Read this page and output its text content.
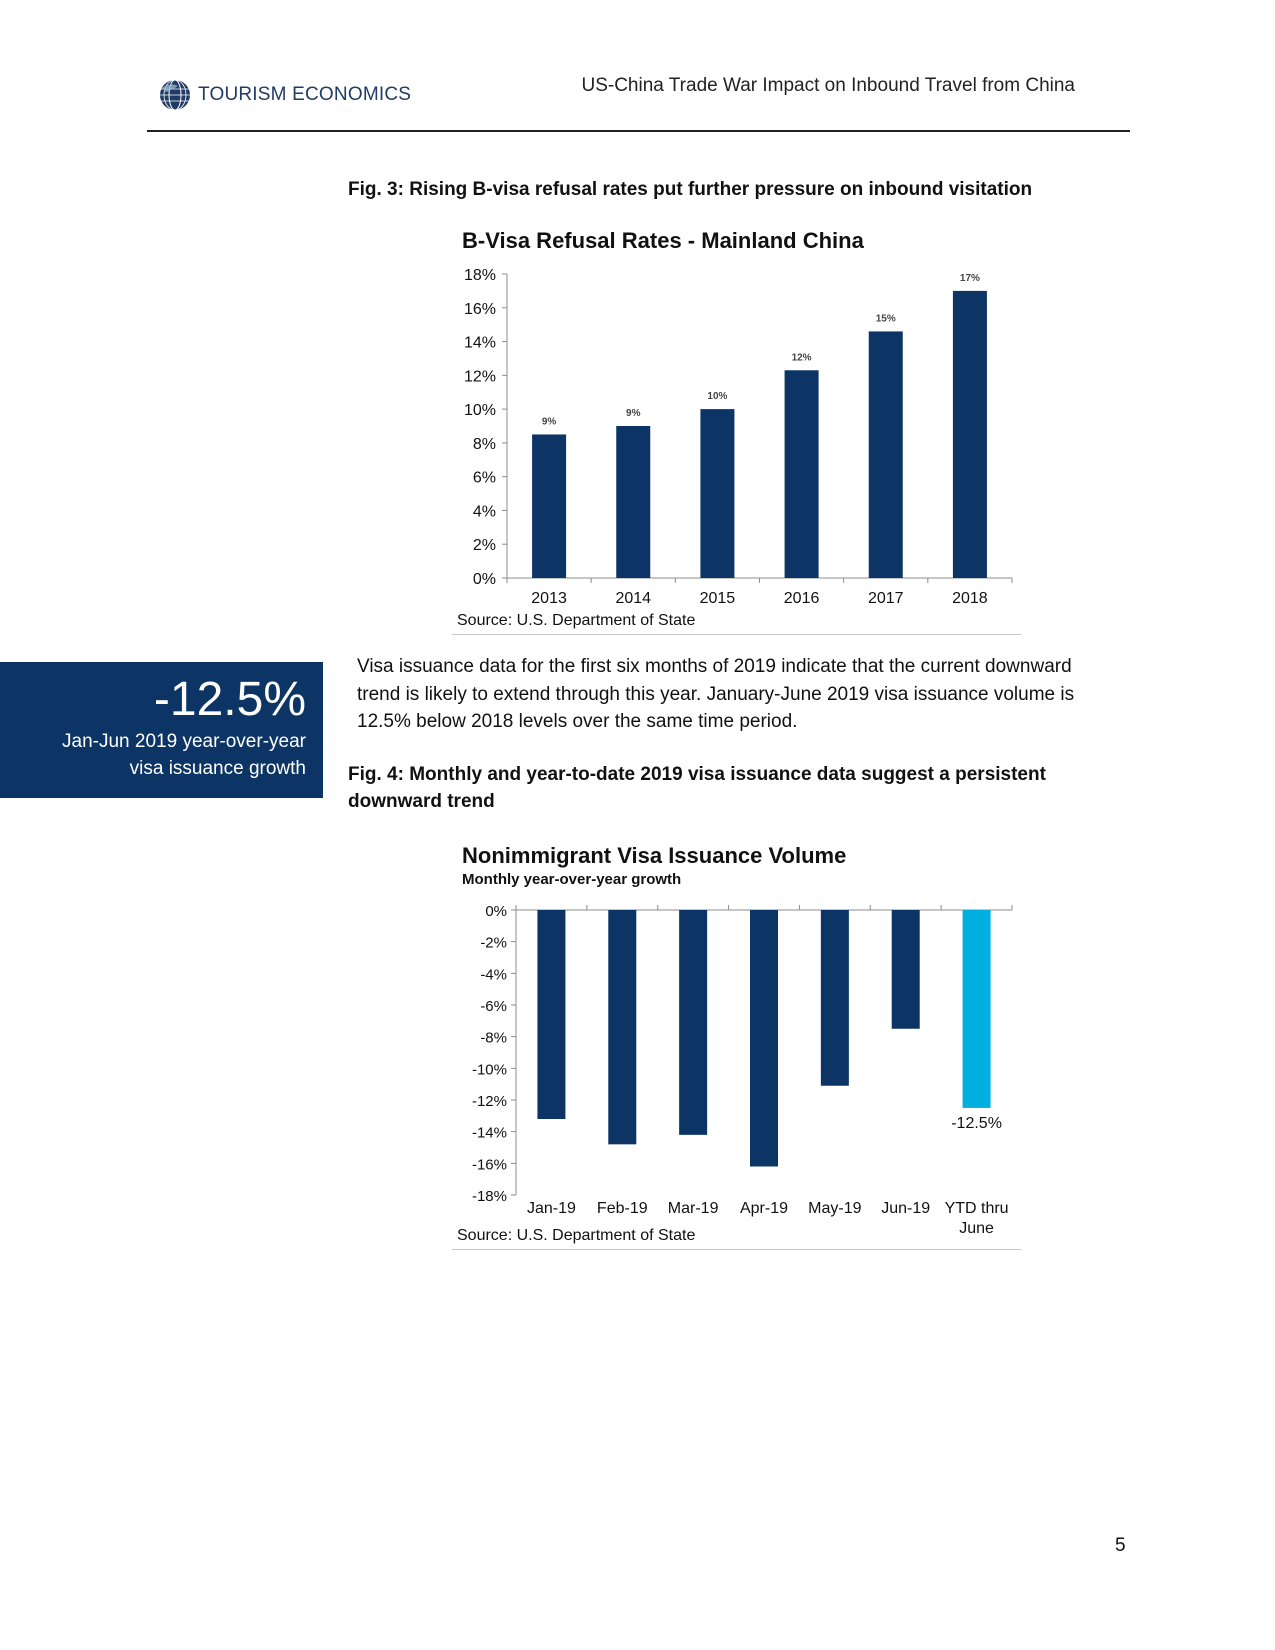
TOURISM ECONOMICS	US-China Trade War Impact on Inbound Travel from China
Fig. 3: Rising B-visa refusal rates put further pressure on inbound visitation
B-Visa Refusal Rates - Mainland China
0%
2%
4%
6%
8%
10%
12%
14%
16%
18%
9%
2013
9%
2014
10%
2015
12%
2016
15%
2017
17%
2018
Source: U.S. Department of State
-12.5%
Jan-Jun 2019 year-over-year
visa issuance growth
Visa issuance data for the first six months of 2019 indicate that the current downward trend is likely to extend through this year. January-June 2019 visa issuance volume is 12.5% below 2018 levels over the same time period.
Fig. 4: Monthly and year-to-date 2019 visa issuance data suggest a persistent downward trend
Nonimmigrant Visa Issuance Volume
Monthly year-over-year growth
0%
-2%
-4%
-6%
-8%
-10%
-12%
-14%
-16%
-18%
Jan-19 Feb-19 Mar-19 Apr-19 May-19 Jun-19
-12.5%
YTD thru
June
Source: U.S. Department of State
5
